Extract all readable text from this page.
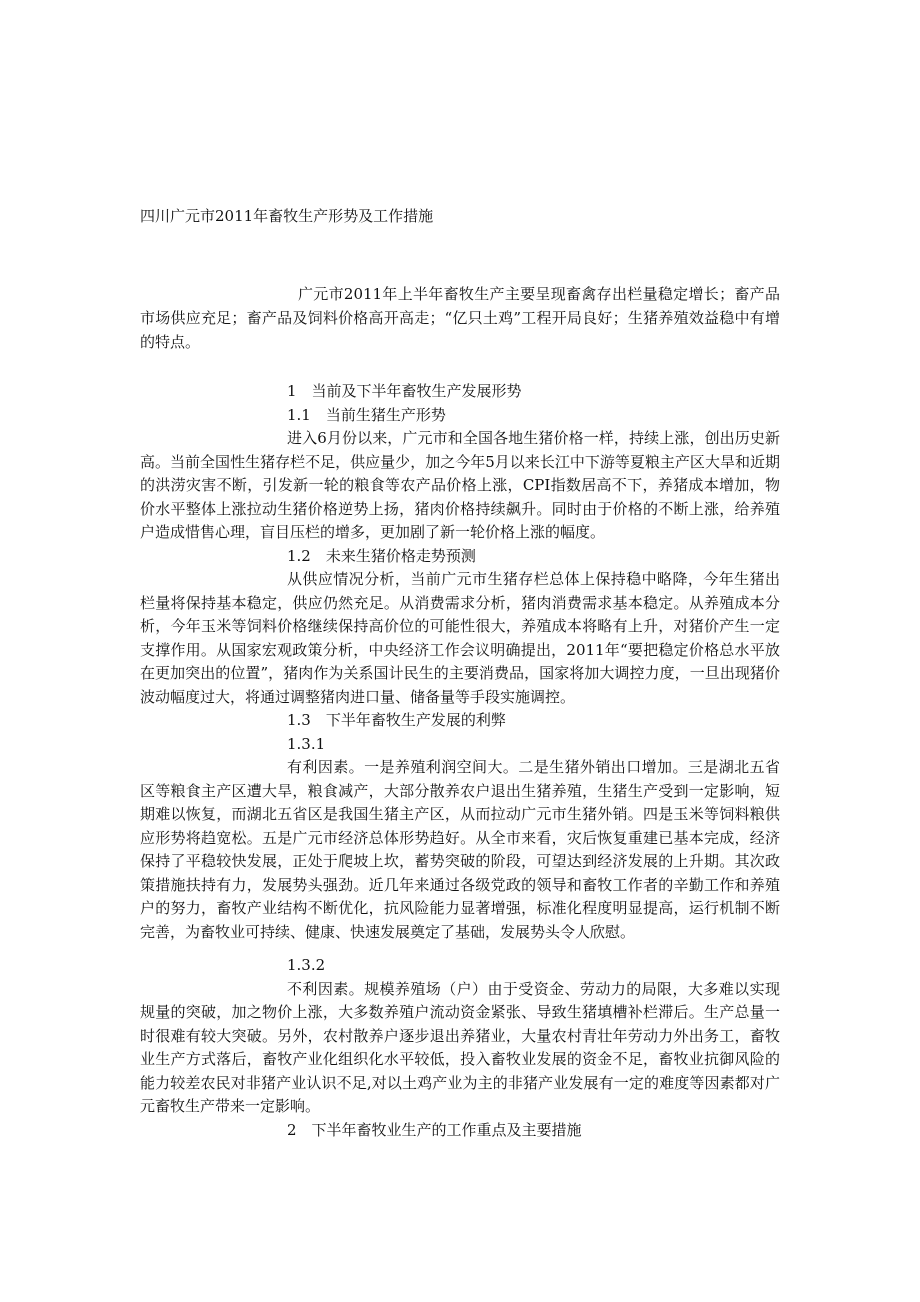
四川广元市2011年畜牧生产形势及工作措施

广元市2011年上半年畜牧生产主要呈现畜禽存出栏量稳定增长；畜产品市场供应充足；畜产品及饲料价格高开高走；“亿只土鸡”工程开局良好；生猪养殖效益稳中有增的特点。

1　当前及下半年畜牧生产发展形势
1.1　当前生猪生产形势
进入6月份以来，广元市和全国各地生猪价格一样，持续上涨，创出历史新高。当前全国性生猪存栏不足，供应量少，加之今年5月以来长江中下游等夏粮主产区大旱和近期的洪涝灾害不断，引发新一轮的粮食等农产品价格上涨，CPI指数居高不下，养猪成本增加，物价水平整体上涨拉动生猪价格逆势上扬，猪肉价格持续飙升。同时由于价格的不断上涨，给养殖户造成惜售心理，盲目压栏的增多，更加剧了新一轮价格上涨的幅度。
1.2　未来生猪价格走势预测
从供应情况分析，当前广元市生猪存栏总体上保持稳中略降，今年生猪出栏量将保持基本稳定，供应仍然充足。从消费需求分析，猪肉消费需求基本稳定。从养殖成本分析，今年玉米等饲料价格继续保持高价位的可能性很大，养殖成本将略有上升，对猪价产生一定支撑作用。从国家宏观政策分析，中央经济工作会议明确提出，2011年“要把稳定价格总水平放在更加突出的位置”，猪肉作为关系国计民生的主要消费品，国家将加大调控力度，一旦出现猪价波动幅度过大，将通过调整猪肉进口量、储备量等手段实施调控。
1.3　下半年畜牧生产发展的利弊
1.3.1
有利因素。一是养殖利润空间大。二是生猪外销出口增加。三是湖北五省区等粮食主产区遭大旱，粮食减产，大部分散养农户退出生猪养殖，生猪生产受到一定影响，短期难以恢复，而湖北五省区是我国生猪主产区，从而拉动广元市生猪外销。四是玉米等饲料粮供应形势将趋宽松。五是广元市经济总体形势趋好。从全市来看，灾后恢复重建已基本完成，经济保持了平稳较快发展，正处于爬坡上坎，蓄势突破的阶段，可望达到经济发展的上升期。其次政策措施扶持有力，发展势头强劲。近几年来通过各级党政的领导和畜牧工作者的辛勤工作和养殖户的努力，畜牧产业结构不断优化，抗风险能力显著增强，标准化程度明显提高，运行机制不断完善，为畜牧业可持续、健康、快速发展奠定了基础，发展势头令人欣慰。
1.3.2
不利因素。规模养殖场（户）由于受资金、劳动力的局限，大多难以实现规量的突破，加之物价上涨，大多数养殖户流动资金紧张、导致生猪填槽补栏滞后。生产总量一时很难有较大突破。另外，农村散养户逐步退出养猪业，大量农村青壮年劳动力外出务工，畜牧业生产方式落后，畜牧产业化组织化水平较低，投入畜牧业发展的资金不足，畜牧业抗御风险的能力较差农民对非猪产业认识不足,对以土鸡产业为主的非猪产业发展有一定的难度等因素都对广元畜牧生产带来一定影响。
2　下半年畜牧业生产的工作重点及主要措施
